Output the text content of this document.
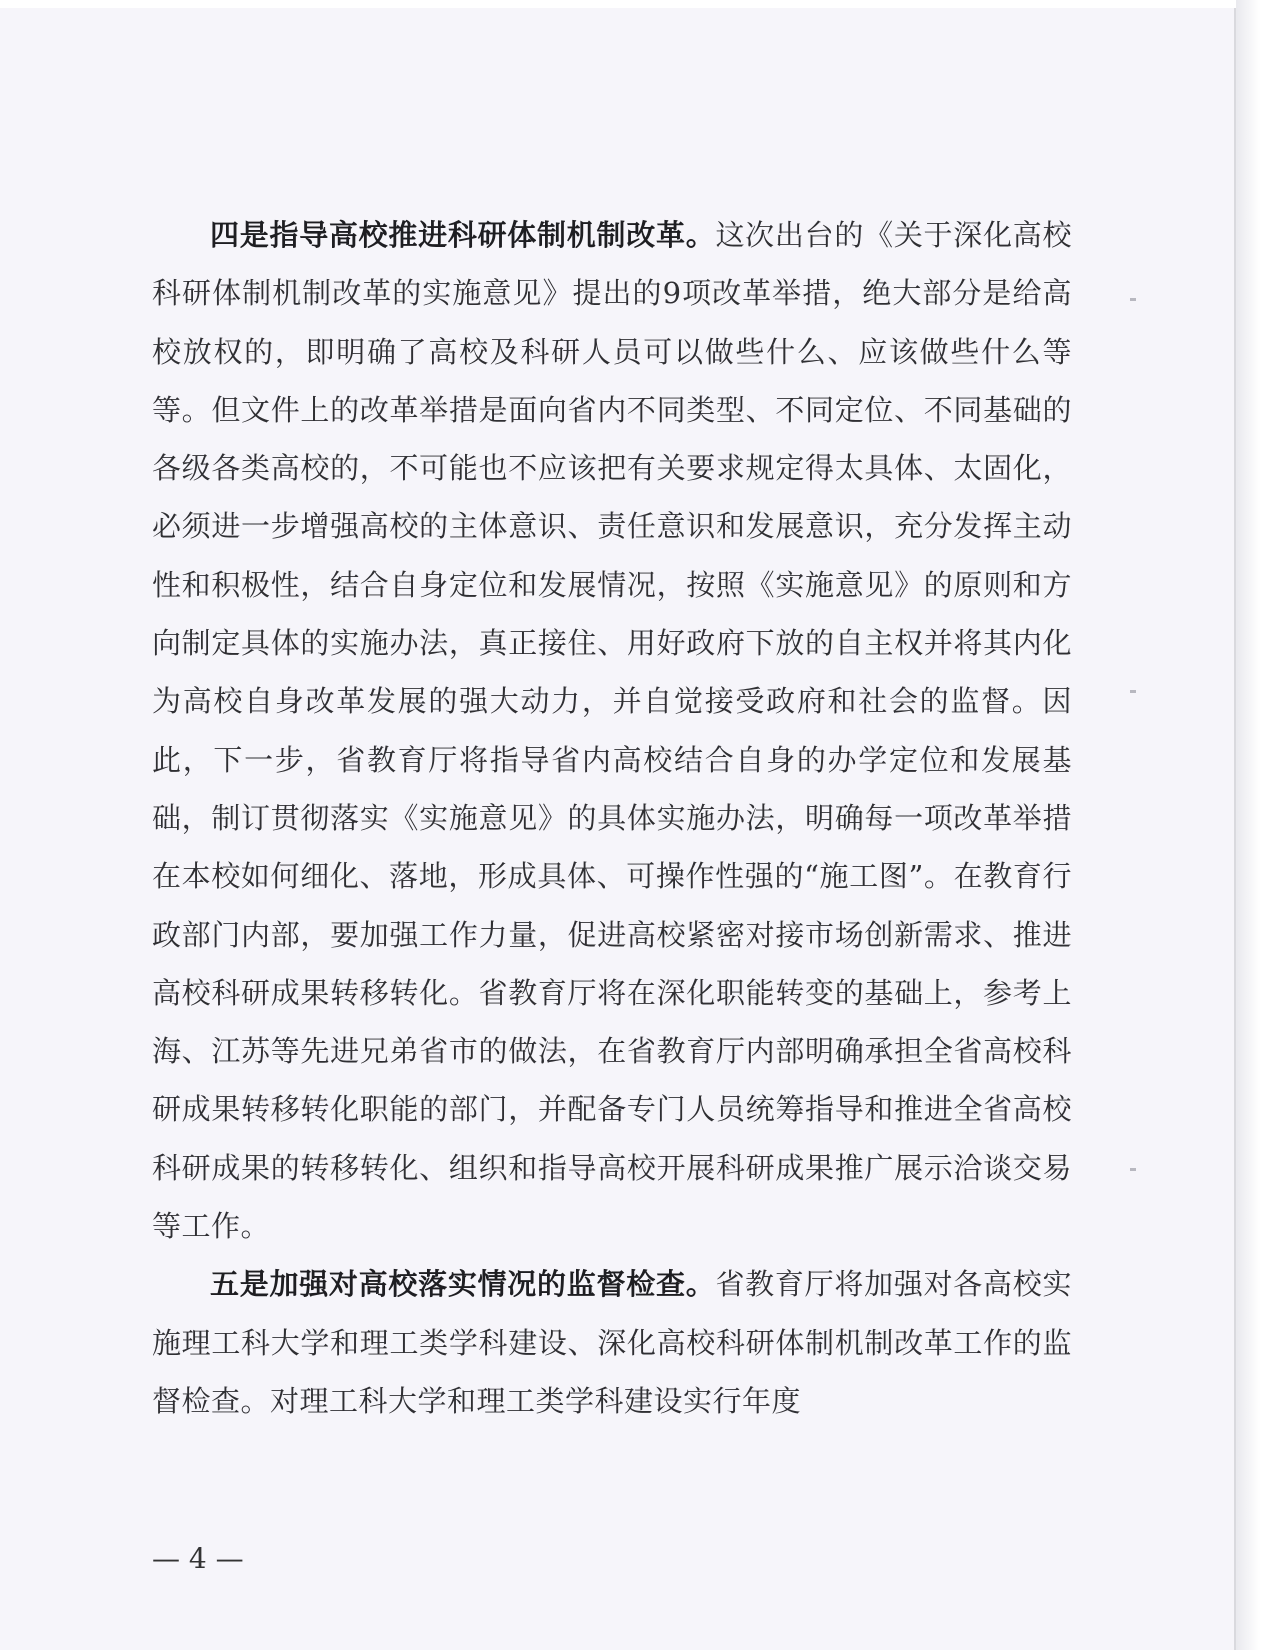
四是指导高校推进科研体制机制改革。这次出台的《关于深化高校科研体制机制改革的实施意见》提出的9项改革举措，绝大部分是给高校放权的，即明确了高校及科研人员可以做些什么、应该做些什么等等。但文件上的改革举措是面向省内不同类型、不同定位、不同基础的各级各类高校的，不可能也不应该把有关要求规定得太具体、太固化，必须进一步增强高校的主体意识、责任意识和发展意识，充分发挥主动性和积极性，结合自身定位和发展情况，按照《实施意见》的原则和方向制定具体的实施办法，真正接住、用好政府下放的自主权并将其内化为高校自身改革发展的强大动力，并自觉接受政府和社会的监督。因此，下一步，省教育厅将指导省内高校结合自身的办学定位和发展基础，制订贯彻落实《实施意见》的具体实施办法，明确每一项改革举措在本校如何细化、落地，形成具体、可操作性强的“施工图”。在教育行政部门内部，要加强工作力量，促进高校紧密对接市场创新需求、推进高校科研成果转移转化。省教育厅将在深化职能转变的基础上，参考上海、江苏等先进兄弟省市的做法，在省教育厅内部明确承担全省高校科研成果转移转化职能的部门，并配备专门人员统筹指导和推进全省高校科研成果的转移转化、组织和指导高校开展科研成果推广展示洽谈交易等工作。

五是加强对高校落实情况的监督检查。省教育厅将加强对各高校实施理工科大学和理工类学科建设、深化高校科研体制机制改革工作的监督检查。对理工科大学和理工类学科建设实行年度

— 4 —
